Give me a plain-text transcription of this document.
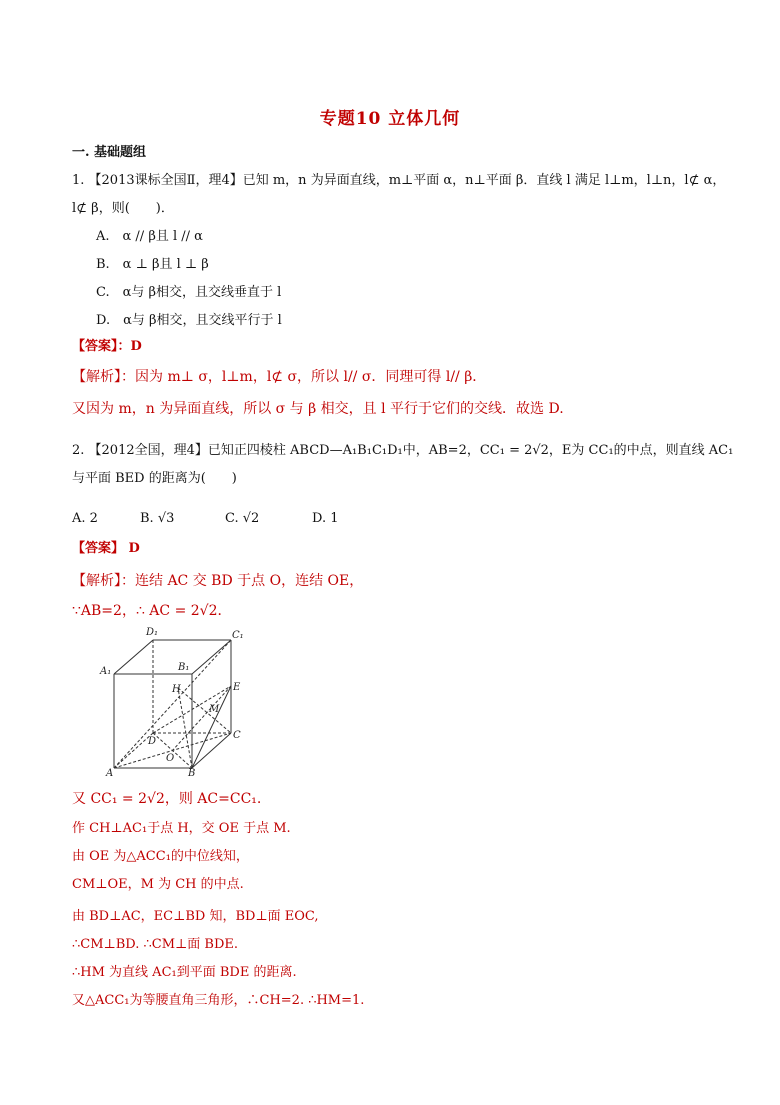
专题10 立体几何
一. 基础题组
1. 【2013课标全国Ⅱ，理4】已知 m，n 为异面直线，m⊥平面 α，n⊥平面 β．直线 l 满足 l⊥m，l⊥n，l⊄ α，
l⊄ β，则(　　)．
A.　α // β且 l // α
B.　α ⊥ β且 l ⊥ β
C.　α与 β相交，且交线垂直于 l
D.　α与 β相交，且交线平行于 l
【答案】：D
【解析】：因为 m⊥ σ，l⊥m，l⊄ σ，所以 l// σ．同理可得 l// β．
又因为 m，n 为异面直线，所以 σ 与 β 相交，且 l 平行于它们的交线．故选 D.
2. 【2012全国，理4】已知正四棱柱 ABCD—A₁B₁C₁D₁中，AB=2，CC₁ = 2√2，E为 CC₁的中点，则直线 AC₁
与平面 BED 的距离为(　　)
A. 2	B. √3	C. √2	D. 1
【答案】 D
【解析】：连结 AC 交 BD 于点 O，连结 OE，
∵AB=2，∴ AC = 2√2．
D₁	C₁
A₁	B₁
H	E
M
D
C
O
A	B
又 CC₁ = 2√2，则 AC=CC₁.
作 CH⊥AC₁于点 H，交 OE 于点 M.
由 OE 为△ACC₁的中位线知，
CM⊥OE，M 为 CH 的中点.
由 BD⊥AC，EC⊥BD 知，BD⊥面 EOC,
∴CM⊥BD. ∴CM⊥面 BDE.
∴HM 为直线 AC₁到平面 BDE 的距离.
又△ACC₁为等腰直角三角形，∴CH=2. ∴HM=1.
